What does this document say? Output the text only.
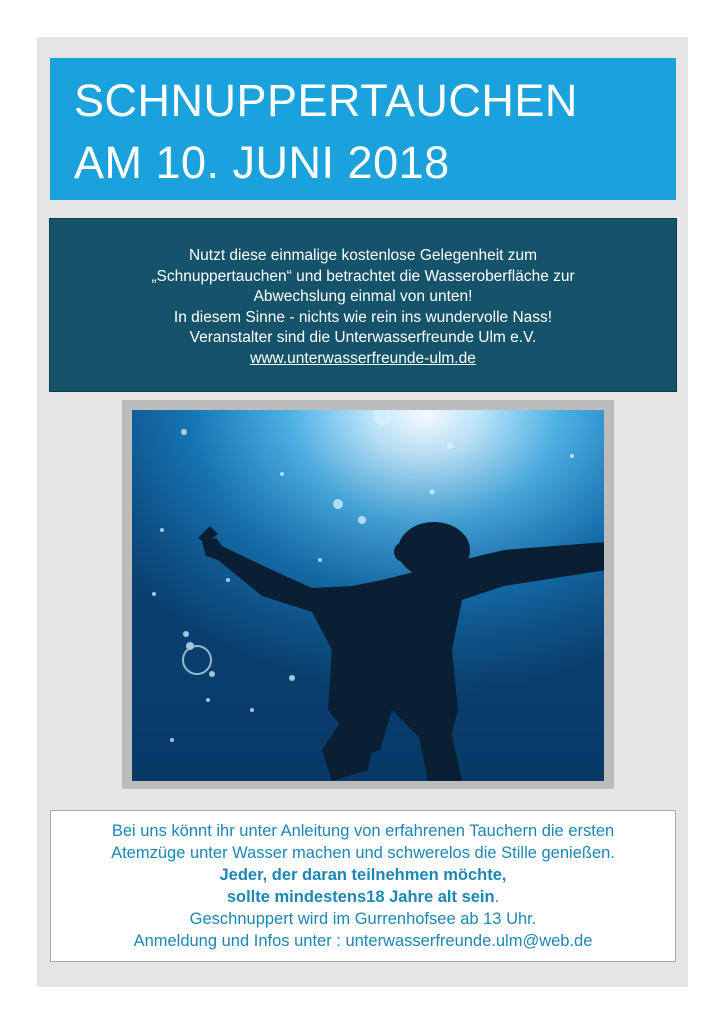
SCHNUPPERTAUCHEN
AM 10. JUNI 2018
Nutzt diese einmalige kostenlose Gelegenheit zum
„Schnuppertauchen“ und betrachtet die Wasseroberfläche zur
Abwechslung einmal von unten!
In diesem Sinne - nichts wie rein ins wundervolle Nass!
Veranstalter sind die Unterwasserfreunde Ulm e.V.
www.unterwasserfreunde-ulm.de
Bei uns könnt ihr unter Anleitung von erfahrenen Tauchern die ersten
Atemzüge unter Wasser machen und schwerelos die Stille genießen.
Jeder, der daran teilnehmen möchte,
sollte mindestens18 Jahre alt sein.
Geschnuppert wird im Gurrenhofsee ab 13 Uhr.
Anmeldung und Infos unter : unterwasserfreunde.ulm@web.de
